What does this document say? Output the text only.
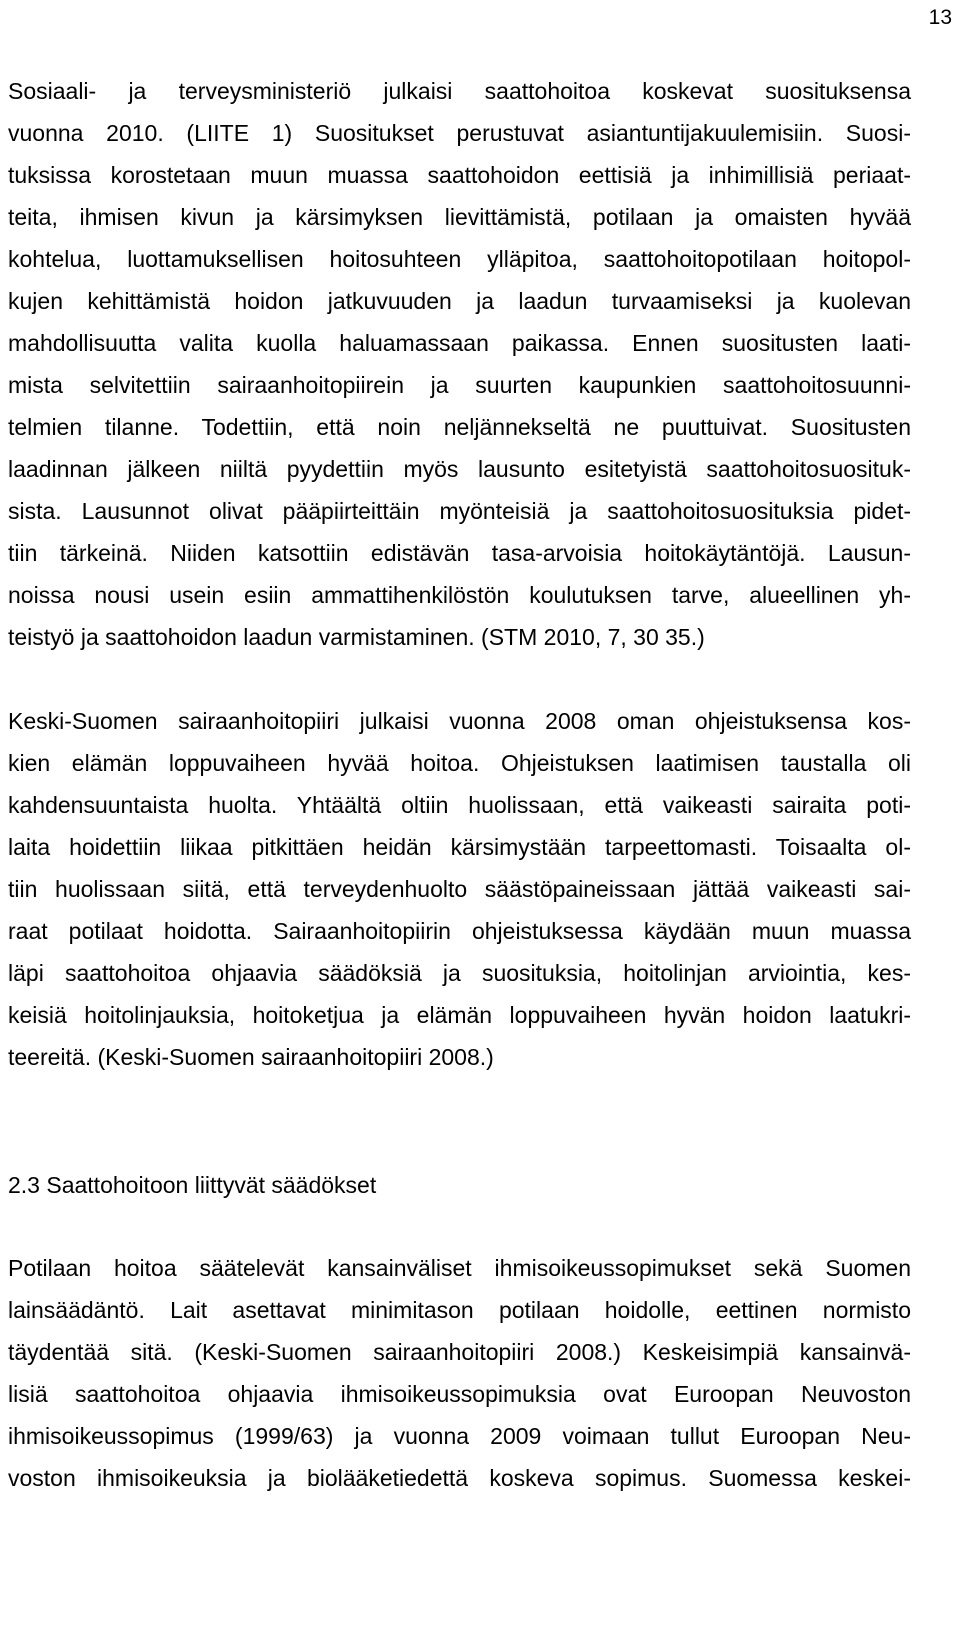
13
Sosiaali- ja terveysministeriö julkaisi saattohoitoa koskevat suosituksensa
vuonna 2010. (LIITE 1) Suositukset perustuvat asiantuntijakuulemisiin. Suosi-
tuksissa korostetaan muun muassa saattohoidon eettisiä ja inhimillisiä periaat-
teita, ihmisen kivun ja kärsimyksen lievittämistä, potilaan ja omaisten hyvää
kohtelua, luottamuksellisen hoitosuhteen ylläpitoa, saattohoitopotilaan hoitopol-
kujen kehittämistä hoidon jatkuvuuden ja laadun turvaamiseksi ja kuolevan
mahdollisuutta valita kuolla haluamassaan paikassa. Ennen suositusten laati-
mista selvitettiin sairaanhoitopiirein ja suurten kaupunkien saattohoitosuunni-
telmien tilanne. Todettiin, että noin neljännekseltä ne puuttuivat. Suositusten
laadinnan jälkeen niiltä pyydettiin myös lausunto esitetyistä saattohoitosuosituk-
sista. Lausunnot olivat pääpiirteittäin myönteisiä ja saattohoitosuosituksia pidet-
tiin tärkeinä. Niiden katsottiin edistävän tasa-arvoisia hoitokäytäntöjä. Lausun-
noissa nousi usein esiin ammattihenkilöstön koulutuksen tarve, alueellinen yh-
teistyö ja saattohoidon laadun varmistaminen. (STM 2010, 7, 30 35.)
Keski-Suomen sairaanhoitopiiri julkaisi vuonna 2008 oman ohjeistuksensa kos-
kien elämän loppuvaiheen hyvää hoitoa. Ohjeistuksen laatimisen taustalla oli
kahdensuuntaista huolta. Yhtäältä oltiin huolissaan, että vaikeasti sairaita poti-
laita hoidettiin liikaa pitkittäen heidän kärsimystään tarpeettomasti. Toisaalta ol-
tiin huolissaan siitä, että terveydenhuolto säästöpaineissaan jättää vaikeasti sai-
raat potilaat hoidotta. Sairaanhoitopiirin ohjeistuksessa käydään muun muassa
läpi saattohoitoa ohjaavia säädöksiä ja suosituksia, hoitolinjan arviointia, kes-
keisiä hoitolinjauksia, hoitoketjua ja elämän loppuvaiheen hyvän hoidon laatukri-
teereitä. (Keski-Suomen sairaanhoitopiiri 2008.)
2.3 Saattohoitoon liittyvät säädökset
Potilaan hoitoa säätelevät kansainväliset ihmisoikeussopimukset sekä Suomen
lainsäädäntö. Lait asettavat minimitason potilaan hoidolle, eettinen normisto
täydentää sitä. (Keski-Suomen sairaanhoitopiiri 2008.) Keskeisimpiä kansainvä-
lisiä saattohoitoa ohjaavia ihmisoikeussopimuksia ovat Euroopan Neuvoston
ihmisoikeussopimus (1999/63) ja vuonna 2009 voimaan tullut Euroopan Neu-
voston ihmisoikeuksia ja biolääketiedettä koskeva sopimus. Suomessa keskei-
